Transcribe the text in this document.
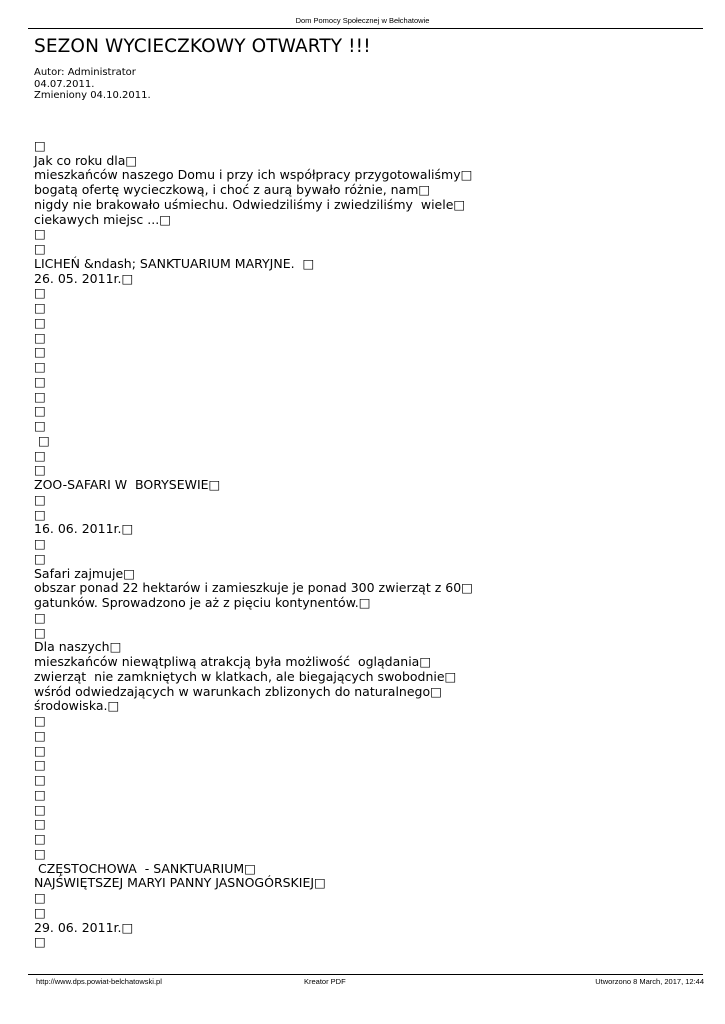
Dom Pomocy Społecznej w Bełchatowie
SEZON WYCIECZKOWY OTWARTY !!!
Autor: Administrator
04.07.2011.
Zmieniony 04.10.2011.
□
Jak co roku dla□
mieszkańców naszego Domu i przy ich współpracy przygotowaliśmy□
bogatą ofertę wycieczkową, i choć z aurą bywało różnie, nam□
nigdy nie brakowało uśmiechu. Odwiedziliśmy i zwiedziliśmy  wiele□
ciekawych miejsc ...□
□
□
LICHEŃ &ndash; SANKTUARIUM MARYJNE.  □
26. 05. 2011r.□
□
□
□
□
□
□
□
□
□
□
□
□
□
ZOO-SAFARI W  BORYSEWIE□
□
□
16. 06. 2011r.□
□
□
Safari zajmuje□
obszar ponad 22 hektarów i zamieszkuje je ponad 300 zwierząt z 60□
gatunków. Sprowadzono je aż z pięciu kontynentów.□
□
□
Dla naszych□
mieszkańców niewątpliwą atrakcją była możliwość  oglądania□
zwierząt  nie zamkniętych w klatkach, ale biegających swobodnie□
wśród odwiedzających w warunkach zblizonych do naturalnego□
środowiska.□
□
□
□
□
□
□
□
□
□
□
CZĘSTOCHOWA  - SANKTUARIUM□
NAJŚWIĘTSZEJ MARYI PANNY JASNOGÓRSKIEJ□
□
□
29. 06. 2011r.□
□
http://www.dps.powiat-belchatowski.pl	Kreator PDF	Utworzono 8 March, 2017, 12:44
